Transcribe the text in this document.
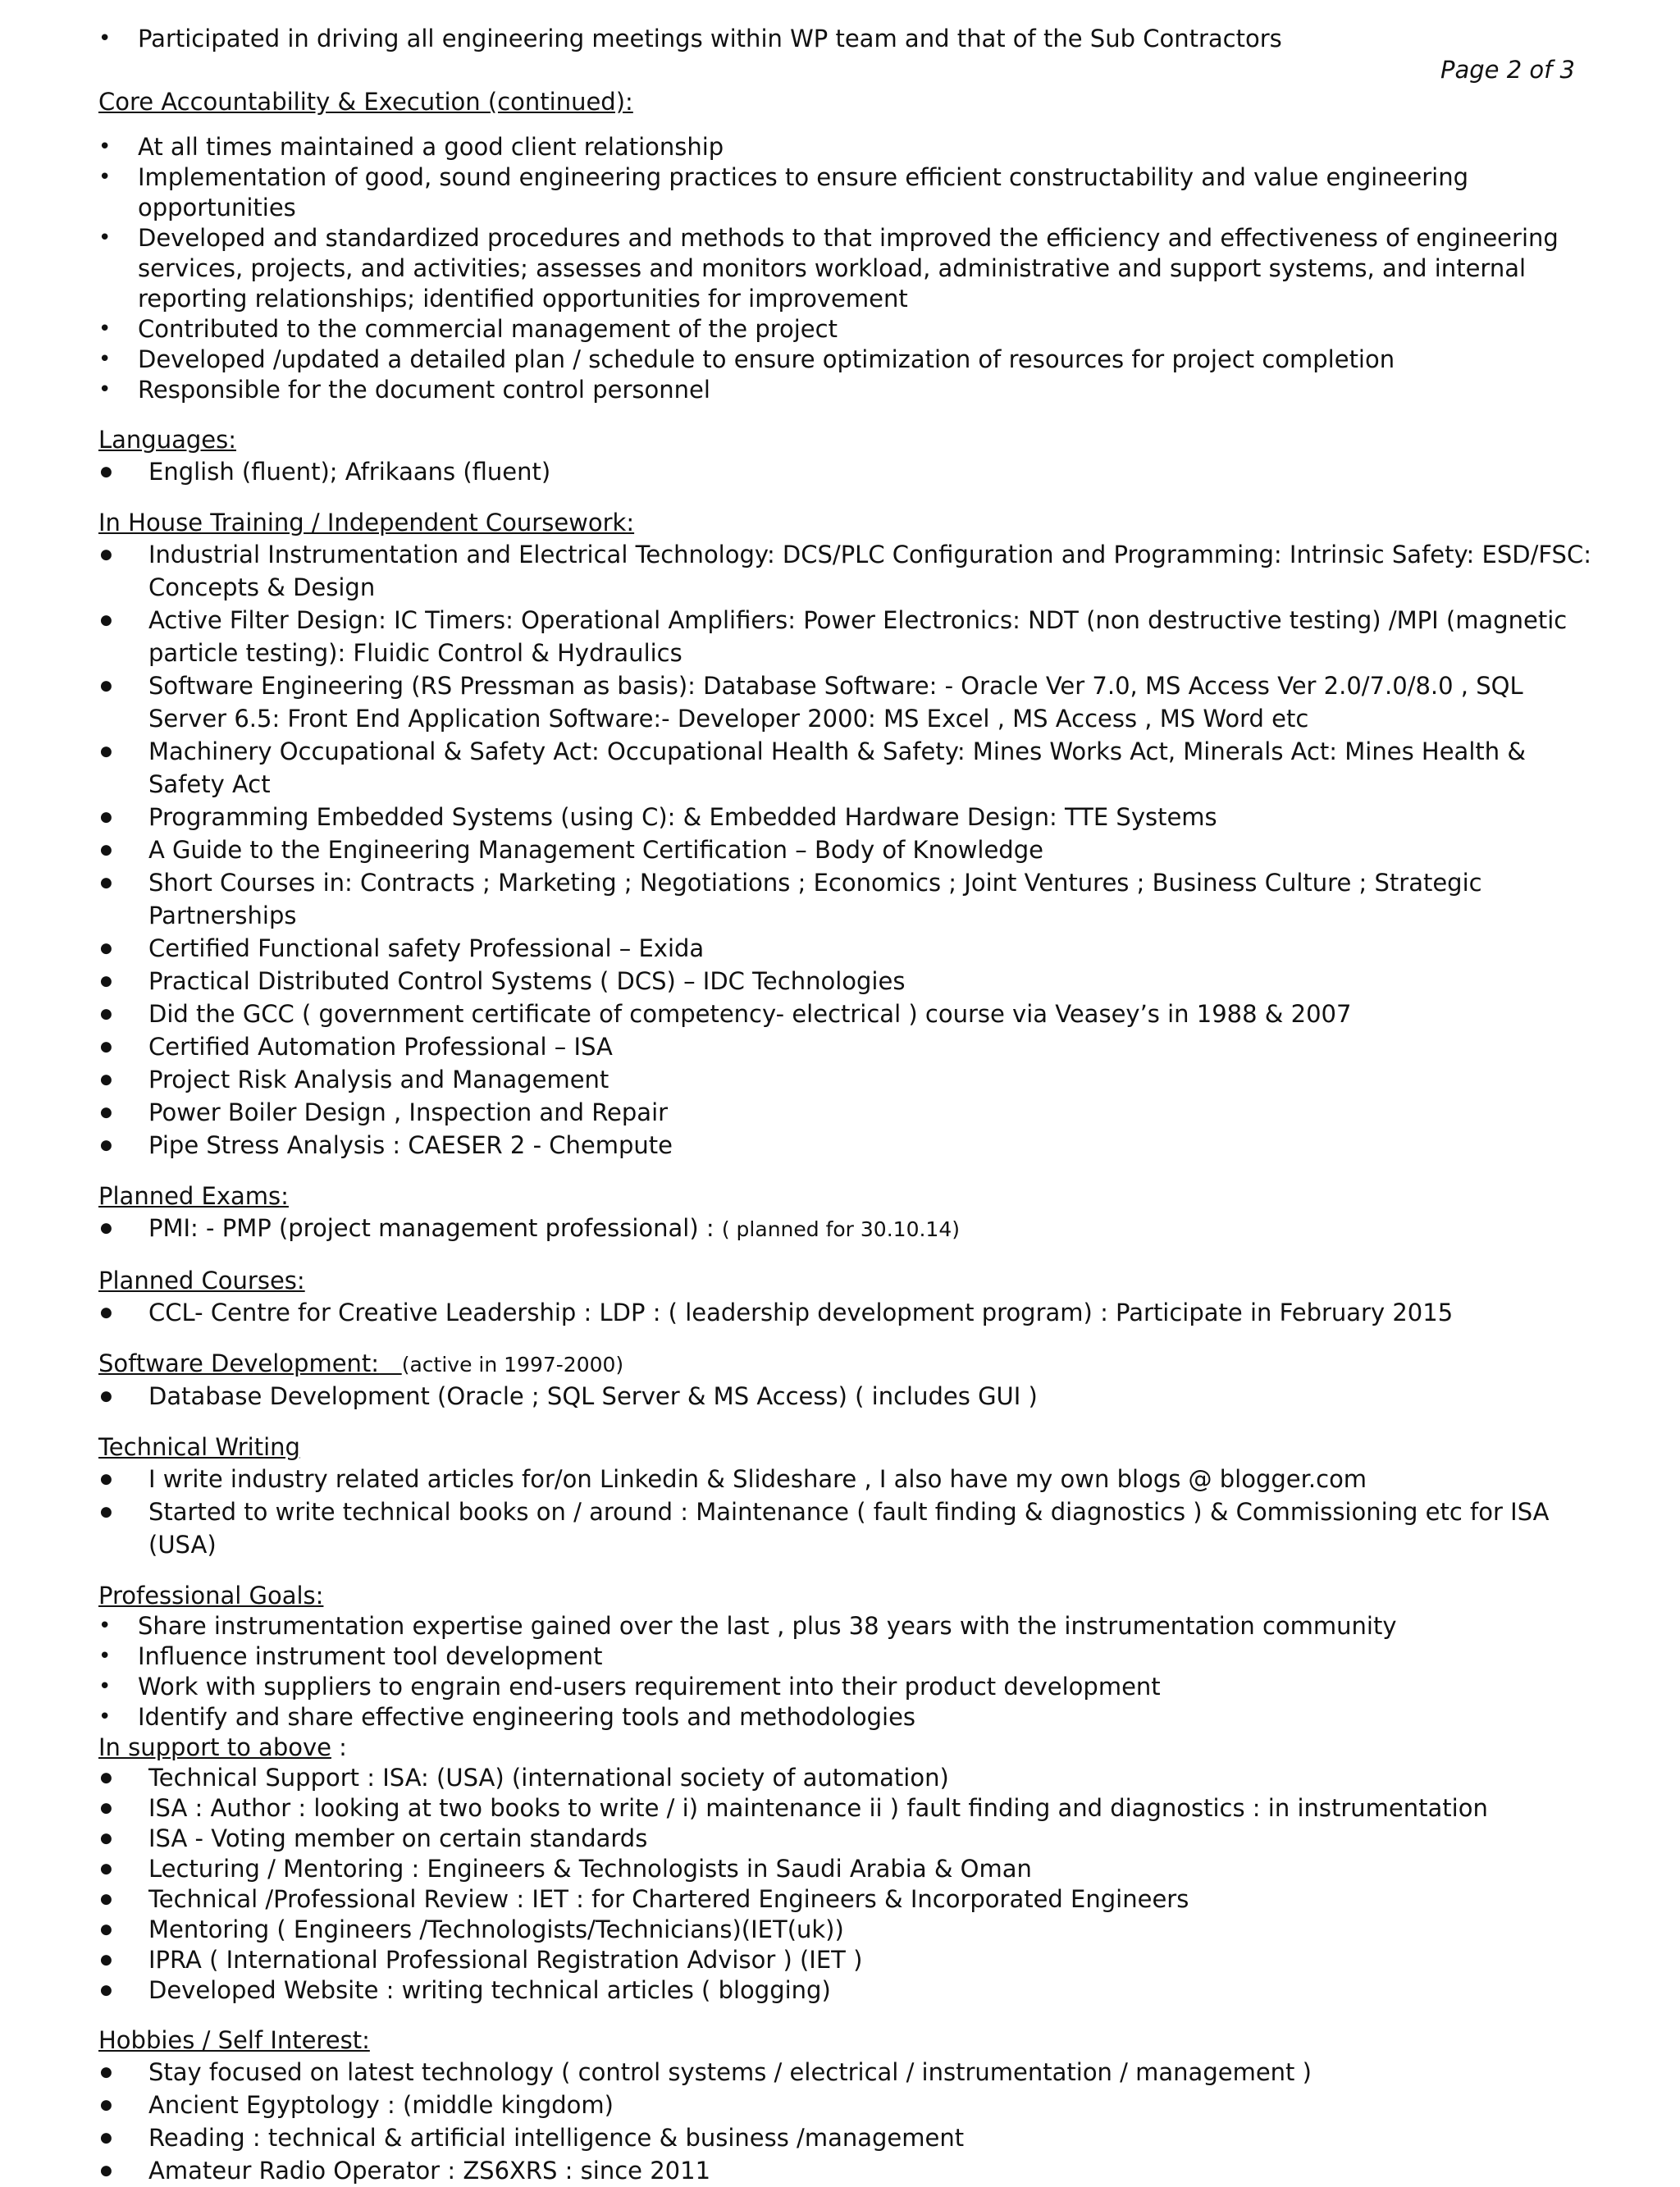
• Participated in driving all engineering meetings within WP team and that of the Sub Contractors
Page 2 of 3

Core Accountability & Execution (continued):

• At all times maintained a good client relationship
• Implementation of good, sound engineering practices to ensure efficient constructability and value engineering opportunities
• Developed and standardized procedures and methods to that improved the efficiency and effectiveness of engineering services, projects, and activities; assesses and monitors workload, administrative and support systems, and internal reporting relationships; identified opportunities for improvement
• Contributed to the commercial management of the project
• Developed /updated a detailed plan / schedule to ensure optimization of resources for project completion
• Responsible for the document control personnel

Languages:

● English (fluent); Afrikaans (fluent)

In House Training / Independent Coursework:

● Industrial Instrumentation and Electrical Technology: DCS/PLC Configuration and Programming: Intrinsic Safety: ESD/FSC: Concepts & Design
● Active Filter Design: IC Timers: Operational Amplifiers: Power Electronics: NDT (non destructive testing) /MPI (magnetic particle testing): Fluidic Control & Hydraulics
● Software Engineering (RS Pressman as basis): Database Software: - Oracle Ver 7.0, MS Access Ver 2.0/7.0/8.0 , SQL Server 6.5: Front End Application Software:- Developer 2000: MS Excel , MS Access , MS Word etc
● Machinery Occupational & Safety Act: Occupational Health & Safety: Mines Works Act, Minerals Act: Mines Health & Safety Act
● Programming Embedded Systems (using C): & Embedded Hardware Design: TTE Systems
● A Guide to the Engineering Management Certification – Body of Knowledge
● Short Courses in: Contracts ; Marketing ; Negotiations ; Economics ; Joint Ventures ; Business Culture ; Strategic Partnerships
● Certified Functional safety Professional – Exida
● Practical Distributed Control Systems ( DCS) – IDC Technologies
● Did the GCC ( government certificate of competency- electrical ) course via Veasey’s in 1988 & 2007
● Certified Automation Professional – ISA
● Project Risk Analysis and Management
● Power Boiler Design , Inspection and Repair
● Pipe Stress Analysis : CAESER 2 - Chempute

Planned Exams:

● PMI: - PMP (project management professional) : ( planned for 30.10.14)

Planned Courses:

● CCL- Centre for Creative Leadership : LDP : ( leadership development program) : Participate in February 2015

Software Development: (active in 1997-2000)

● Database Development (Oracle ; SQL Server & MS Access) ( includes GUI )

Technical Writing

● I write industry related articles for/on Linkedin & Slideshare , I also have my own blogs @ blogger.com
● Started to write technical books on / around : Maintenance ( fault finding & diagnostics ) & Commissioning etc for ISA (USA)

Professional Goals:

• Share instrumentation expertise gained over the last , plus 38 years with the instrumentation community
• Influence instrument tool development
• Work with suppliers to engrain end-users requirement into their product development
• Identify and share effective engineering tools and methodologies

In support to above :

● Technical Support : ISA: (USA) (international society of automation)
● ISA : Author : looking at two books to write / i) maintenance ii ) fault finding and diagnostics : in instrumentation
● ISA - Voting member on certain standards
● Lecturing / Mentoring : Engineers & Technologists in Saudi Arabia & Oman
● Technical /Professional Review : IET : for Chartered Engineers & Incorporated Engineers
● Mentoring ( Engineers /Technologists/Technicians)(IET(uk))
● IPRA ( International Professional Registration Advisor ) (IET )
● Developed Website : writing technical articles ( blogging)

Hobbies / Self Interest:

● Stay focused on latest technology ( control systems / electrical / instrumentation / management )
● Ancient Egyptology : (middle kingdom)
● Reading : technical & artificial intelligence & business /management
● Amateur Radio Operator : ZS6XRS : since 2011
